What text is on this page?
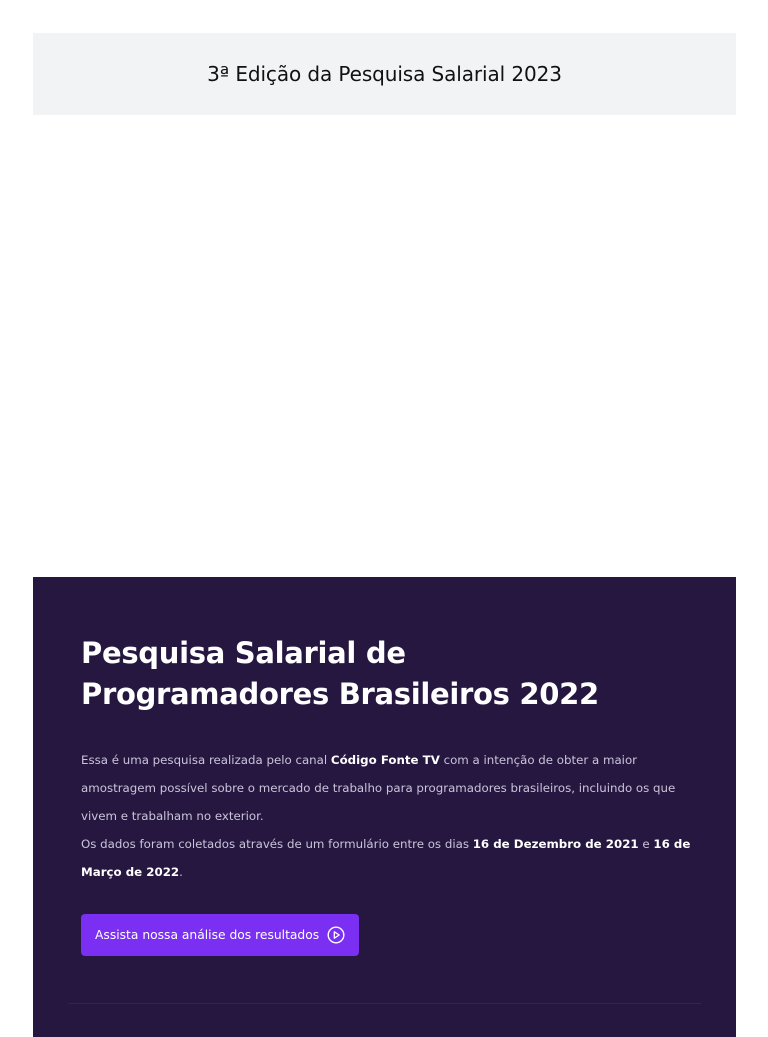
3ª Edição da Pesquisa Salarial 2023
Pesquisa Salarial de
Programadores Brasileiros 2022
Essa é uma pesquisa realizada pelo canal Código Fonte TV com a intenção de obter a maior amostragem possível sobre o mercado de trabalho para programadores brasileiros, incluindo os que vivem e trabalham no exterior.
Os dados foram coletados através de um formulário entre os dias 16 de Dezembro de 2021 e 16 de Março de 2022.
Assista nossa análise dos resultados
